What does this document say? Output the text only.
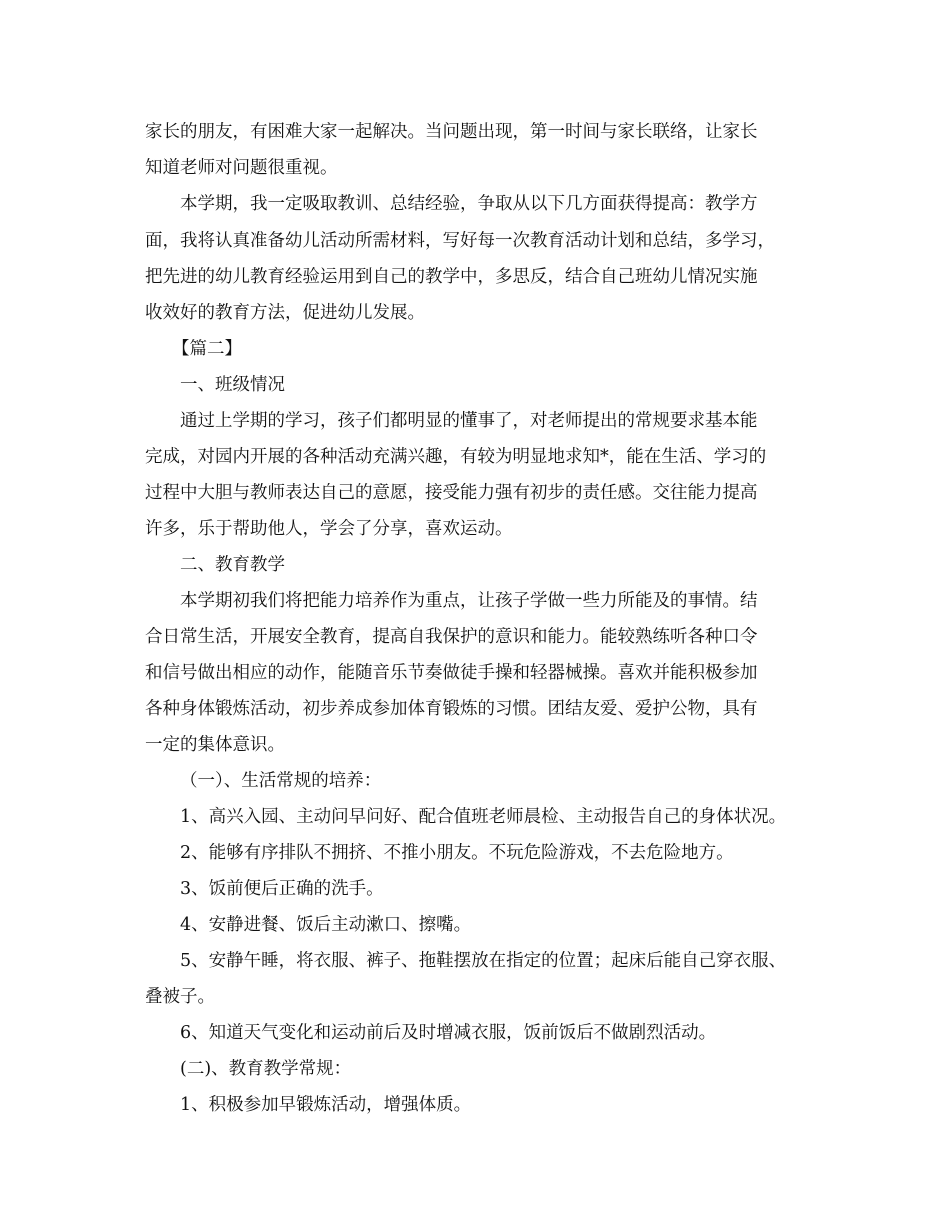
家长的朋友，有困难大家一起解决。当问题出现，第一时间与家长联络，让家长

知道老师对问题很重视。

本学期，我一定吸取教训、总结经验，争取从以下几方面获得提高：教学方

面，我将认真准备幼儿活动所需材料，写好每一次教育活动计划和总结，多学习，

把先进的幼儿教育经验运用到自己的教学中，多思反，结合自己班幼儿情况实施

收效好的教育方法，促进幼儿发展。

【篇二】

一、班级情况

通过上学期的学习，孩子们都明显的懂事了，对老师提出的常规要求基本能

完成，对园内开展的各种活动充满兴趣，有较为明显地求知*，能在生活、学习的

过程中大胆与教师表达自己的意愿，接受能力强有初步的责任感。交往能力提高

许多，乐于帮助他人，学会了分享，喜欢运动。

二、教育教学

本学期初我们将把能力培养作为重点，让孩子学做一些力所能及的事情。结

合日常生活，开展安全教育，提高自我保护的意识和能力。能较熟练听各种口令

和信号做出相应的动作，能随音乐节奏做徒手操和轻器械操。喜欢并能积极参加

各种身体锻炼活动，初步养成参加体育锻炼的习惯。团结友爱、爱护公物，具有

一定的集体意识。

（一）、生活常规的培养：

1、高兴入园、主动问早问好、配合值班老师晨检、主动报告自己的身体状况。

2、能够有序排队不拥挤、不推小朋友。不玩危险游戏，不去危险地方。

3、饭前便后正确的洗手。

4、安静进餐、饭后主动漱口、擦嘴。

5、安静午睡，将衣服、裤子、拖鞋摆放在指定的位置；起床后能自己穿衣服、

叠被子。

6、知道天气变化和运动前后及时增减衣服，饭前饭后不做剧烈活动。

(二)、教育教学常规：

1、积极参加早锻炼活动，增强体质。
